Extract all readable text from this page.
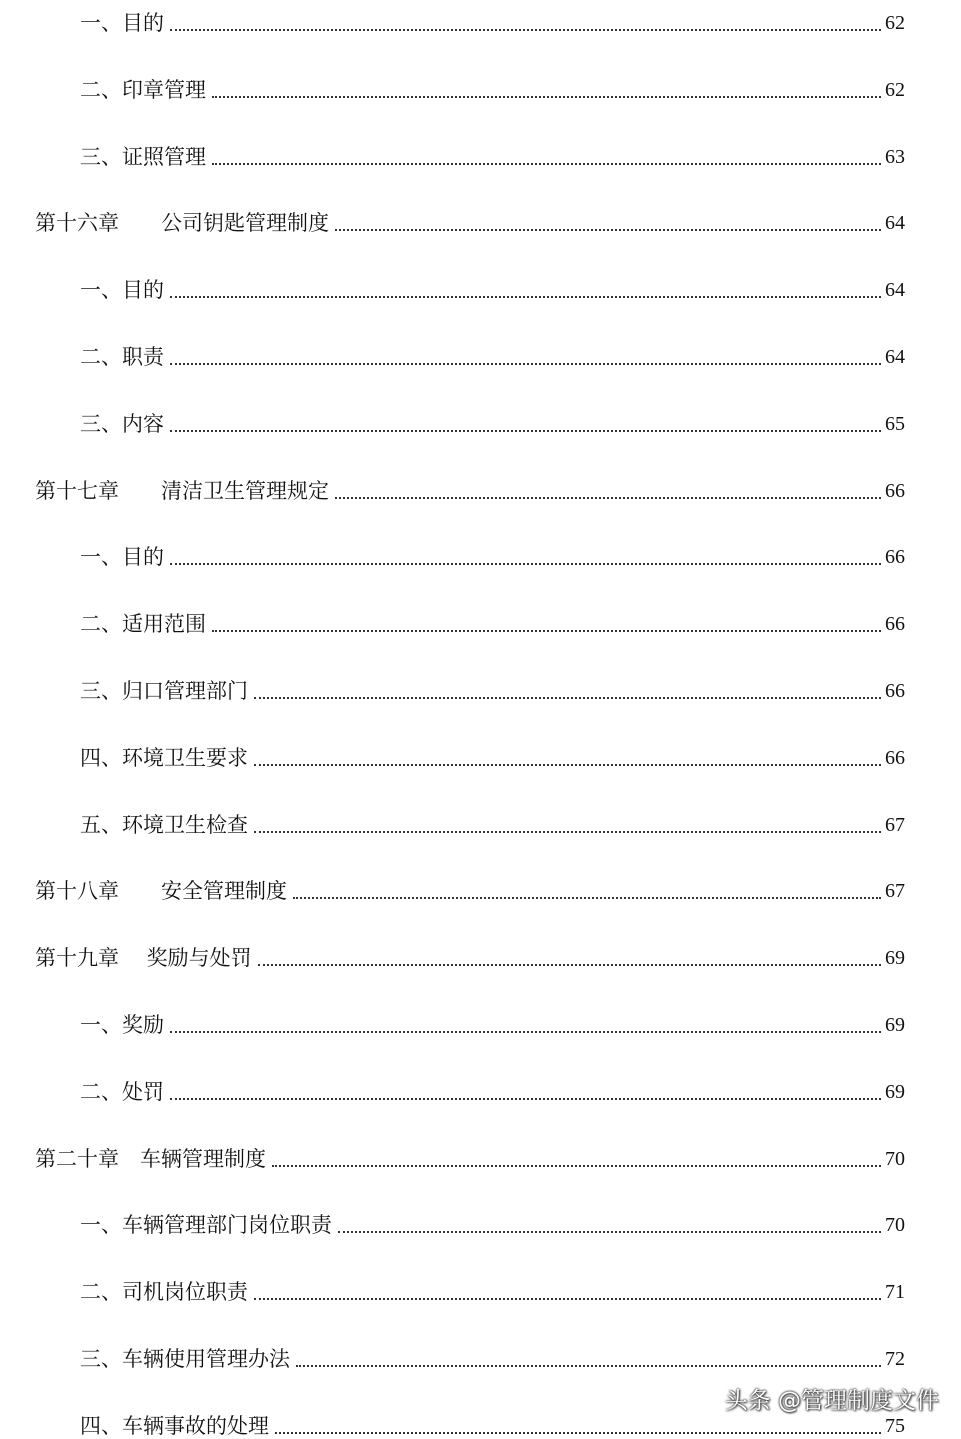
一、目的	62
二、印章管理	62
三、证照管理	63
第十六章　　公司钥匙管理制度	64
一、目的	64
二、职责	64
三、内容	65
第十七章　　清洁卫生管理规定	66
一、目的	66
二、适用范围	66
三、归口管理部门	66
四、环境卫生要求	66
五、环境卫生检查	67
第十八章　　安全管理制度	67
第十九章　 奖励与处罚	69
一、奖励	69
二、处罚	69
第二十章　车辆管理制度	70
一、车辆管理部门岗位职责	70
二、司机岗位职责	71
三、车辆使用管理办法	72
四、车辆事故的处理	75
头条 @管理制度文件
